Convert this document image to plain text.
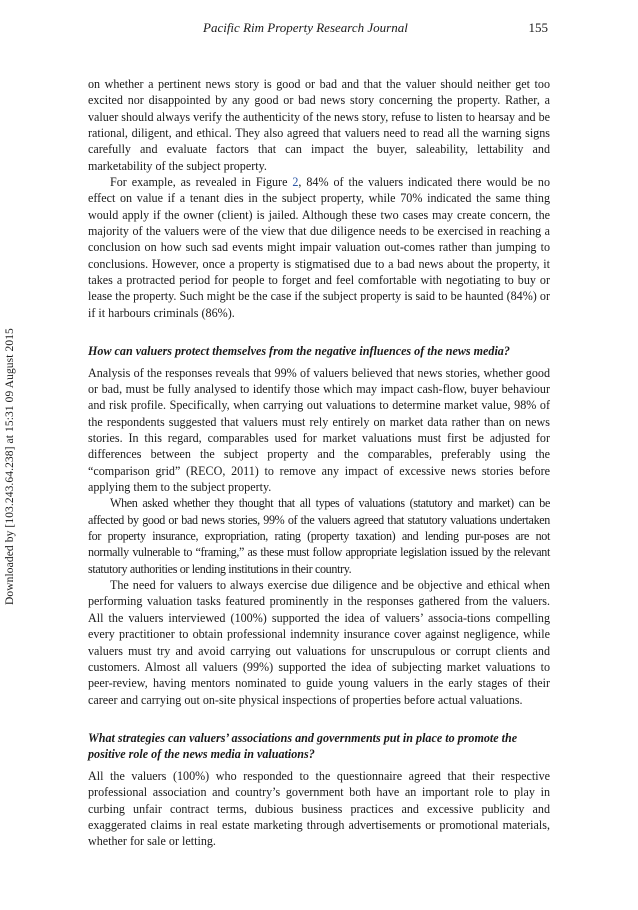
Pacific Rim Property Research Journal	155
Downloaded by [103.243.64.238] at 15:31 09 August 2015

on whether a pertinent news story is good or bad and that the valuer should neither get too excited nor disappointed by any good or bad news story concerning the property. Rather, a valuer should always verify the authenticity of the news story, refuse to listen to hearsay and be rational, diligent, and ethical. They also agreed that valuers need to read all the warning signs carefully and evaluate factors that can impact the buyer, saleability, lettability and marketability of the subject property.

For example, as revealed in Figure 2, 84% of the valuers indicated there would be no effect on value if a tenant dies in the subject property, while 70% indicated the same thing would apply if the owner (client) is jailed. Although these two cases may create concern, the majority of the valuers were of the view that due diligence needs to be exercised in reaching a conclusion on how such sad events might impair valuation out-comes rather than jumping to conclusions. However, once a property is stigmatised due to a bad news about the property, it takes a protracted period for people to forget and feel comfortable with negotiating to buy or lease the property. Such might be the case if the subject property is said to be haunted (84%) or if it harbours criminals (86%).

How can valuers protect themselves from the negative influences of the news media?

Analysis of the responses reveals that 99% of valuers believed that news stories, whether good or bad, must be fully analysed to identify those which may impact cash-flow, buyer behaviour and risk profile. Specifically, when carrying out valuations to determine market value, 98% of the respondents suggested that valuers must rely entirely on market data rather than on news stories. In this regard, comparables used for market valuations must first be adjusted for differences between the subject property and the comparables, preferably using the “comparison grid” (RECO, 2011) to remove any impact of excessive news stories before applying them to the subject property.

When asked whether they thought that all types of valuations (statutory and market) can be affected by good or bad news stories, 99% of the valuers agreed that statutory valuations undertaken for property insurance, expropriation, rating (property taxation) and lending pur-poses are not normally vulnerable to “framing,” as these must follow appropriate legislation issued by the relevant statutory authorities or lending institutions in their country.

The need for valuers to always exercise due diligence and be objective and ethical when performing valuation tasks featured prominently in the responses gathered from the valuers. All the valuers interviewed (100%) supported the idea of valuers’ associa-tions compelling every practitioner to obtain professional indemnity insurance cover against negligence, while valuers must try and avoid carrying out valuations for unscrupulous or corrupt clients and customers. Almost all valuers (99%) supported the idea of subjecting market valuations to peer-review, having mentors nominated to guide young valuers in the early stages of their career and carrying out on-site physical inspections of properties before actual valuations.

What strategies can valuers’ associations and governments put in place to promote the positive role of the news media in valuations?

All the valuers (100%) who responded to the questionnaire agreed that their respective professional association and country’s government both have an important role to play in curbing unfair contract terms, dubious business practices and excessive publicity and exaggerated claims in real estate marketing through advertisements or promotional materials, whether for sale or letting.
